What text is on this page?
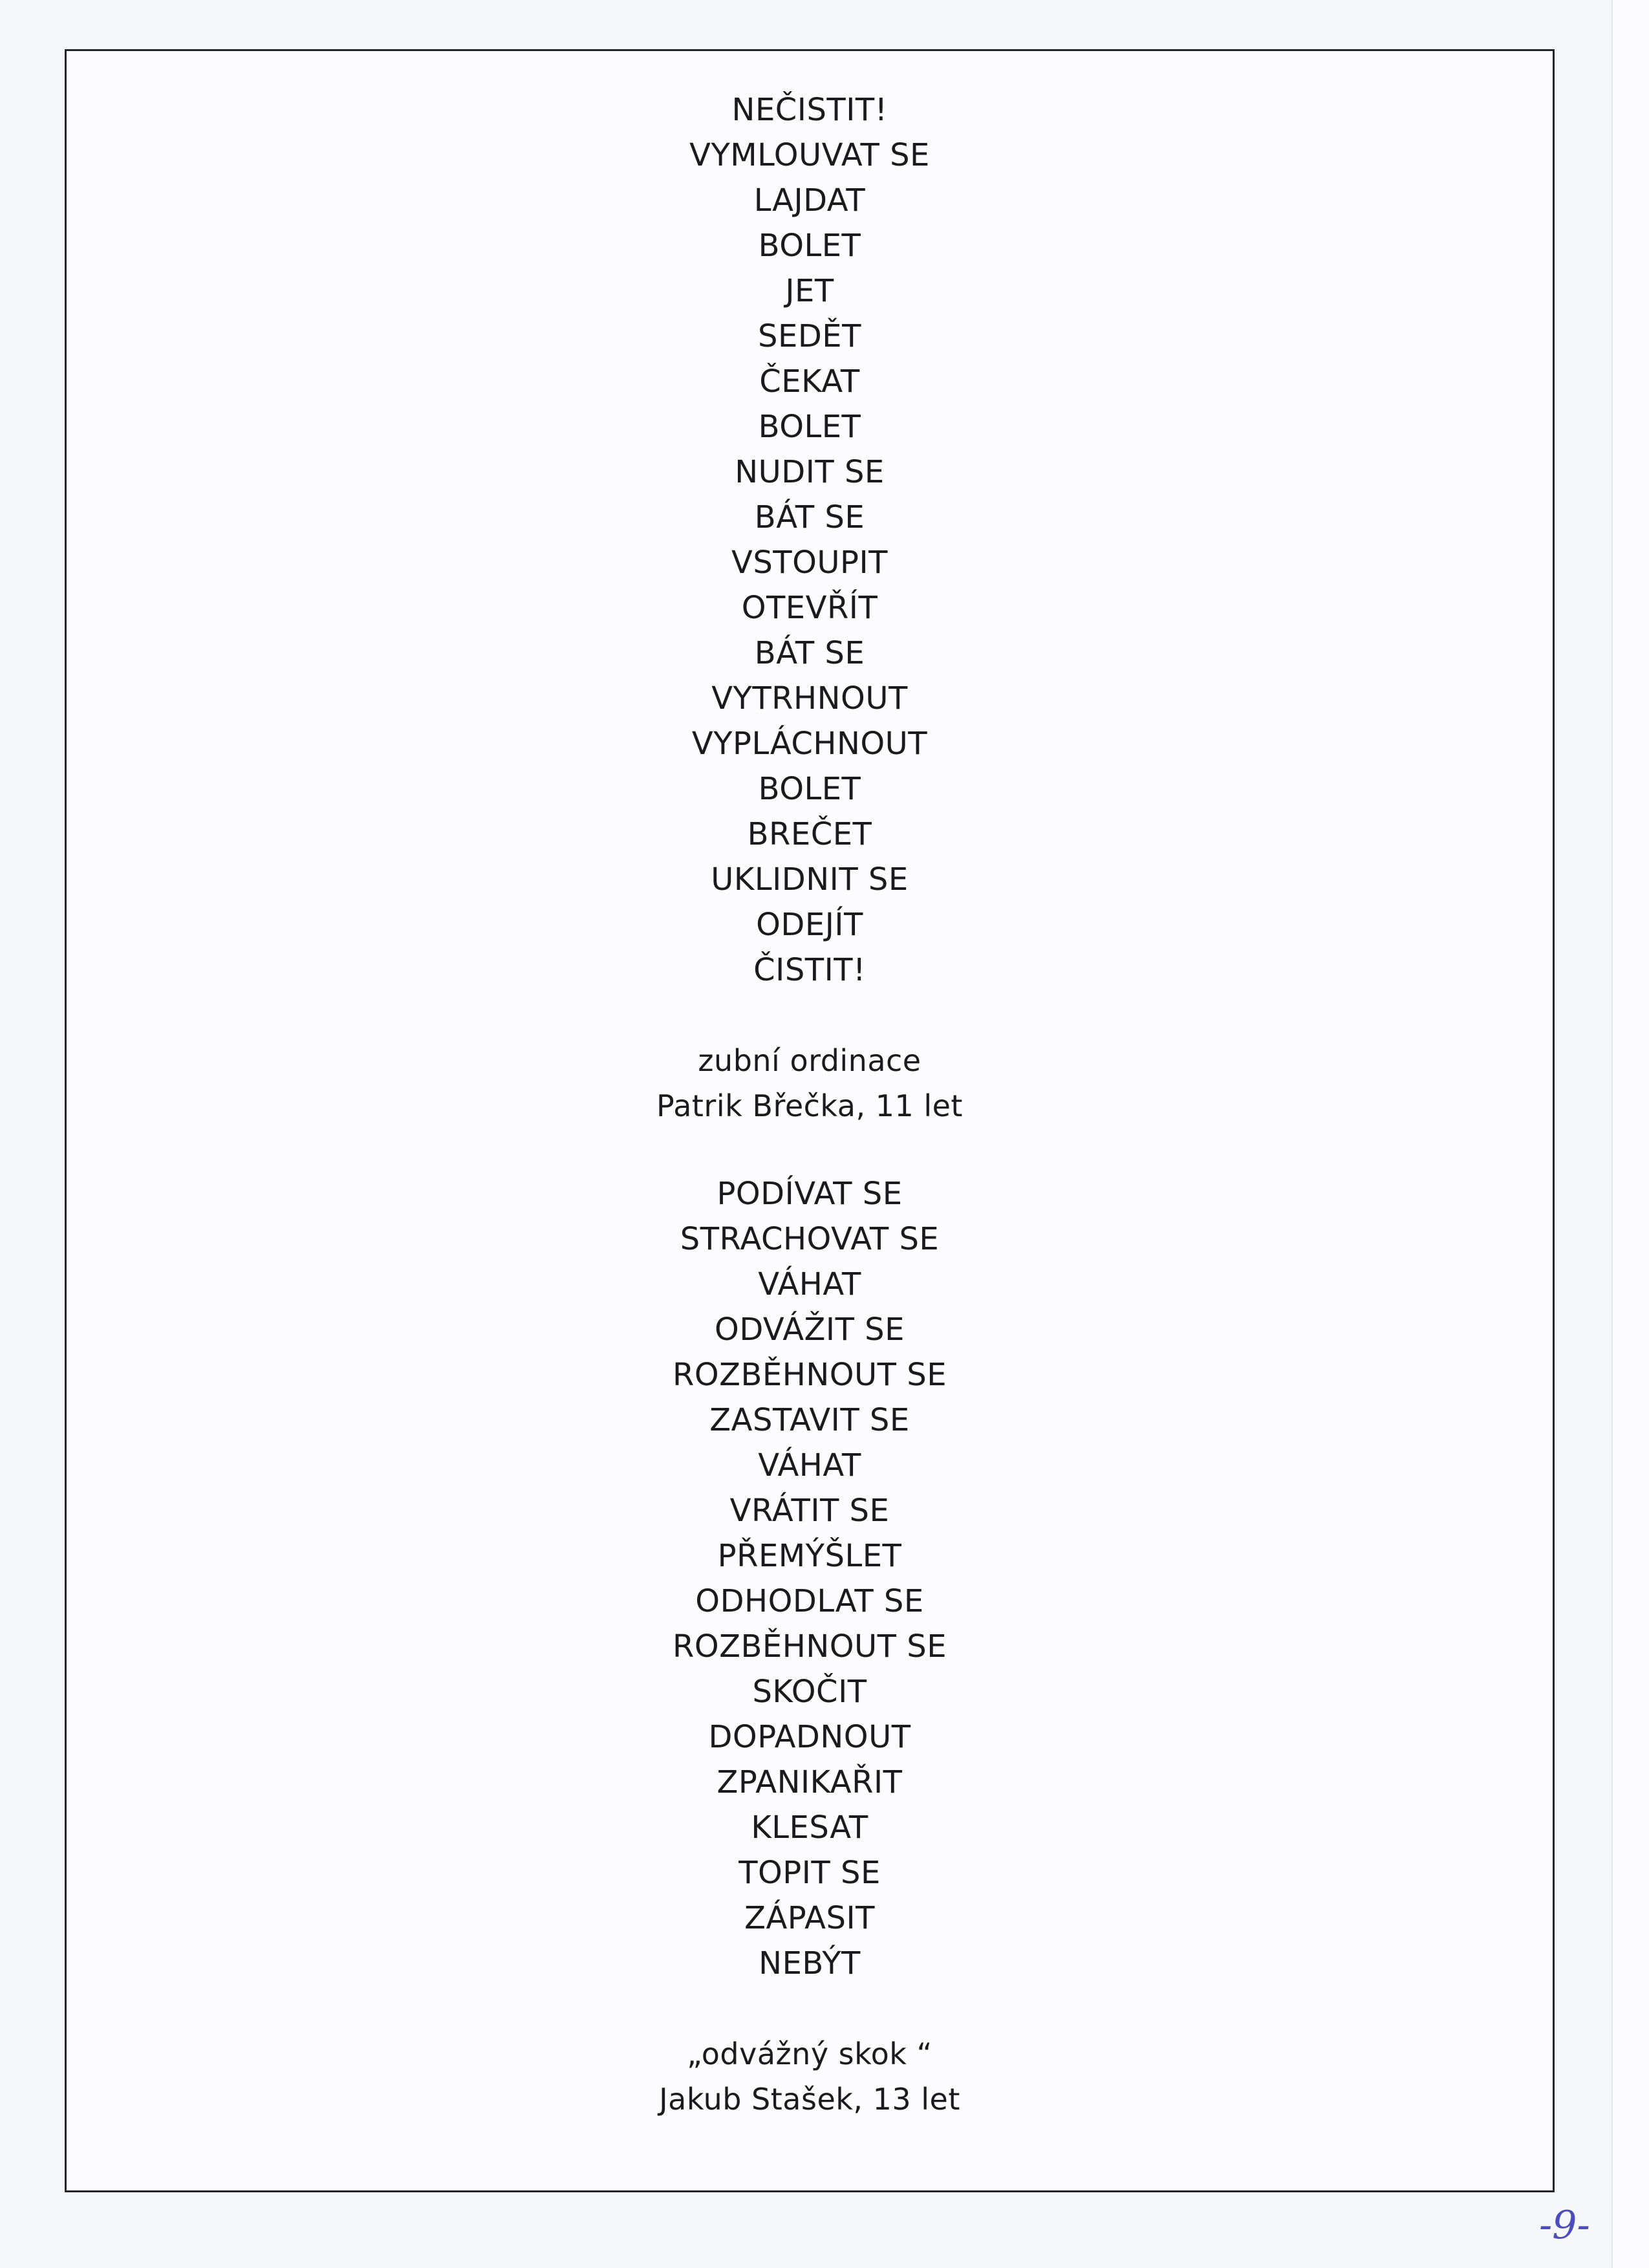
NEČISTIT!
VYMLOUVAT SE
LAJDAT
BOLET
JET
SEDĚT
ČEKAT
BOLET
NUDIT SE
BÁT SE
VSTOUPIT
OTEVŘÍT
BÁT SE
VYTRHNOUT
VYPLÁCHNOUT
BOLET
BREČET
UKLIDNIT SE
ODEJÍT
ČISTIT!
zubní ordinace
Patrik Břečka, 11 let
PODÍVAT SE
STRACHOVAT SE
VÁHAT
ODVÁŽIT SE
ROZBĚHNOUT SE
ZASTAVIT SE
VÁHAT
VRÁTIT SE
PŘEMÝŠLET
ODHODLAT SE
ROZBĚHNOUT SE
SKOČIT
DOPADNOUT
ZPANIKAŘIT
KLESAT
TOPIT SE
ZÁPASIT
NEBÝT
„odvážný skok “
Jakub Stašek, 13 let
-9-
